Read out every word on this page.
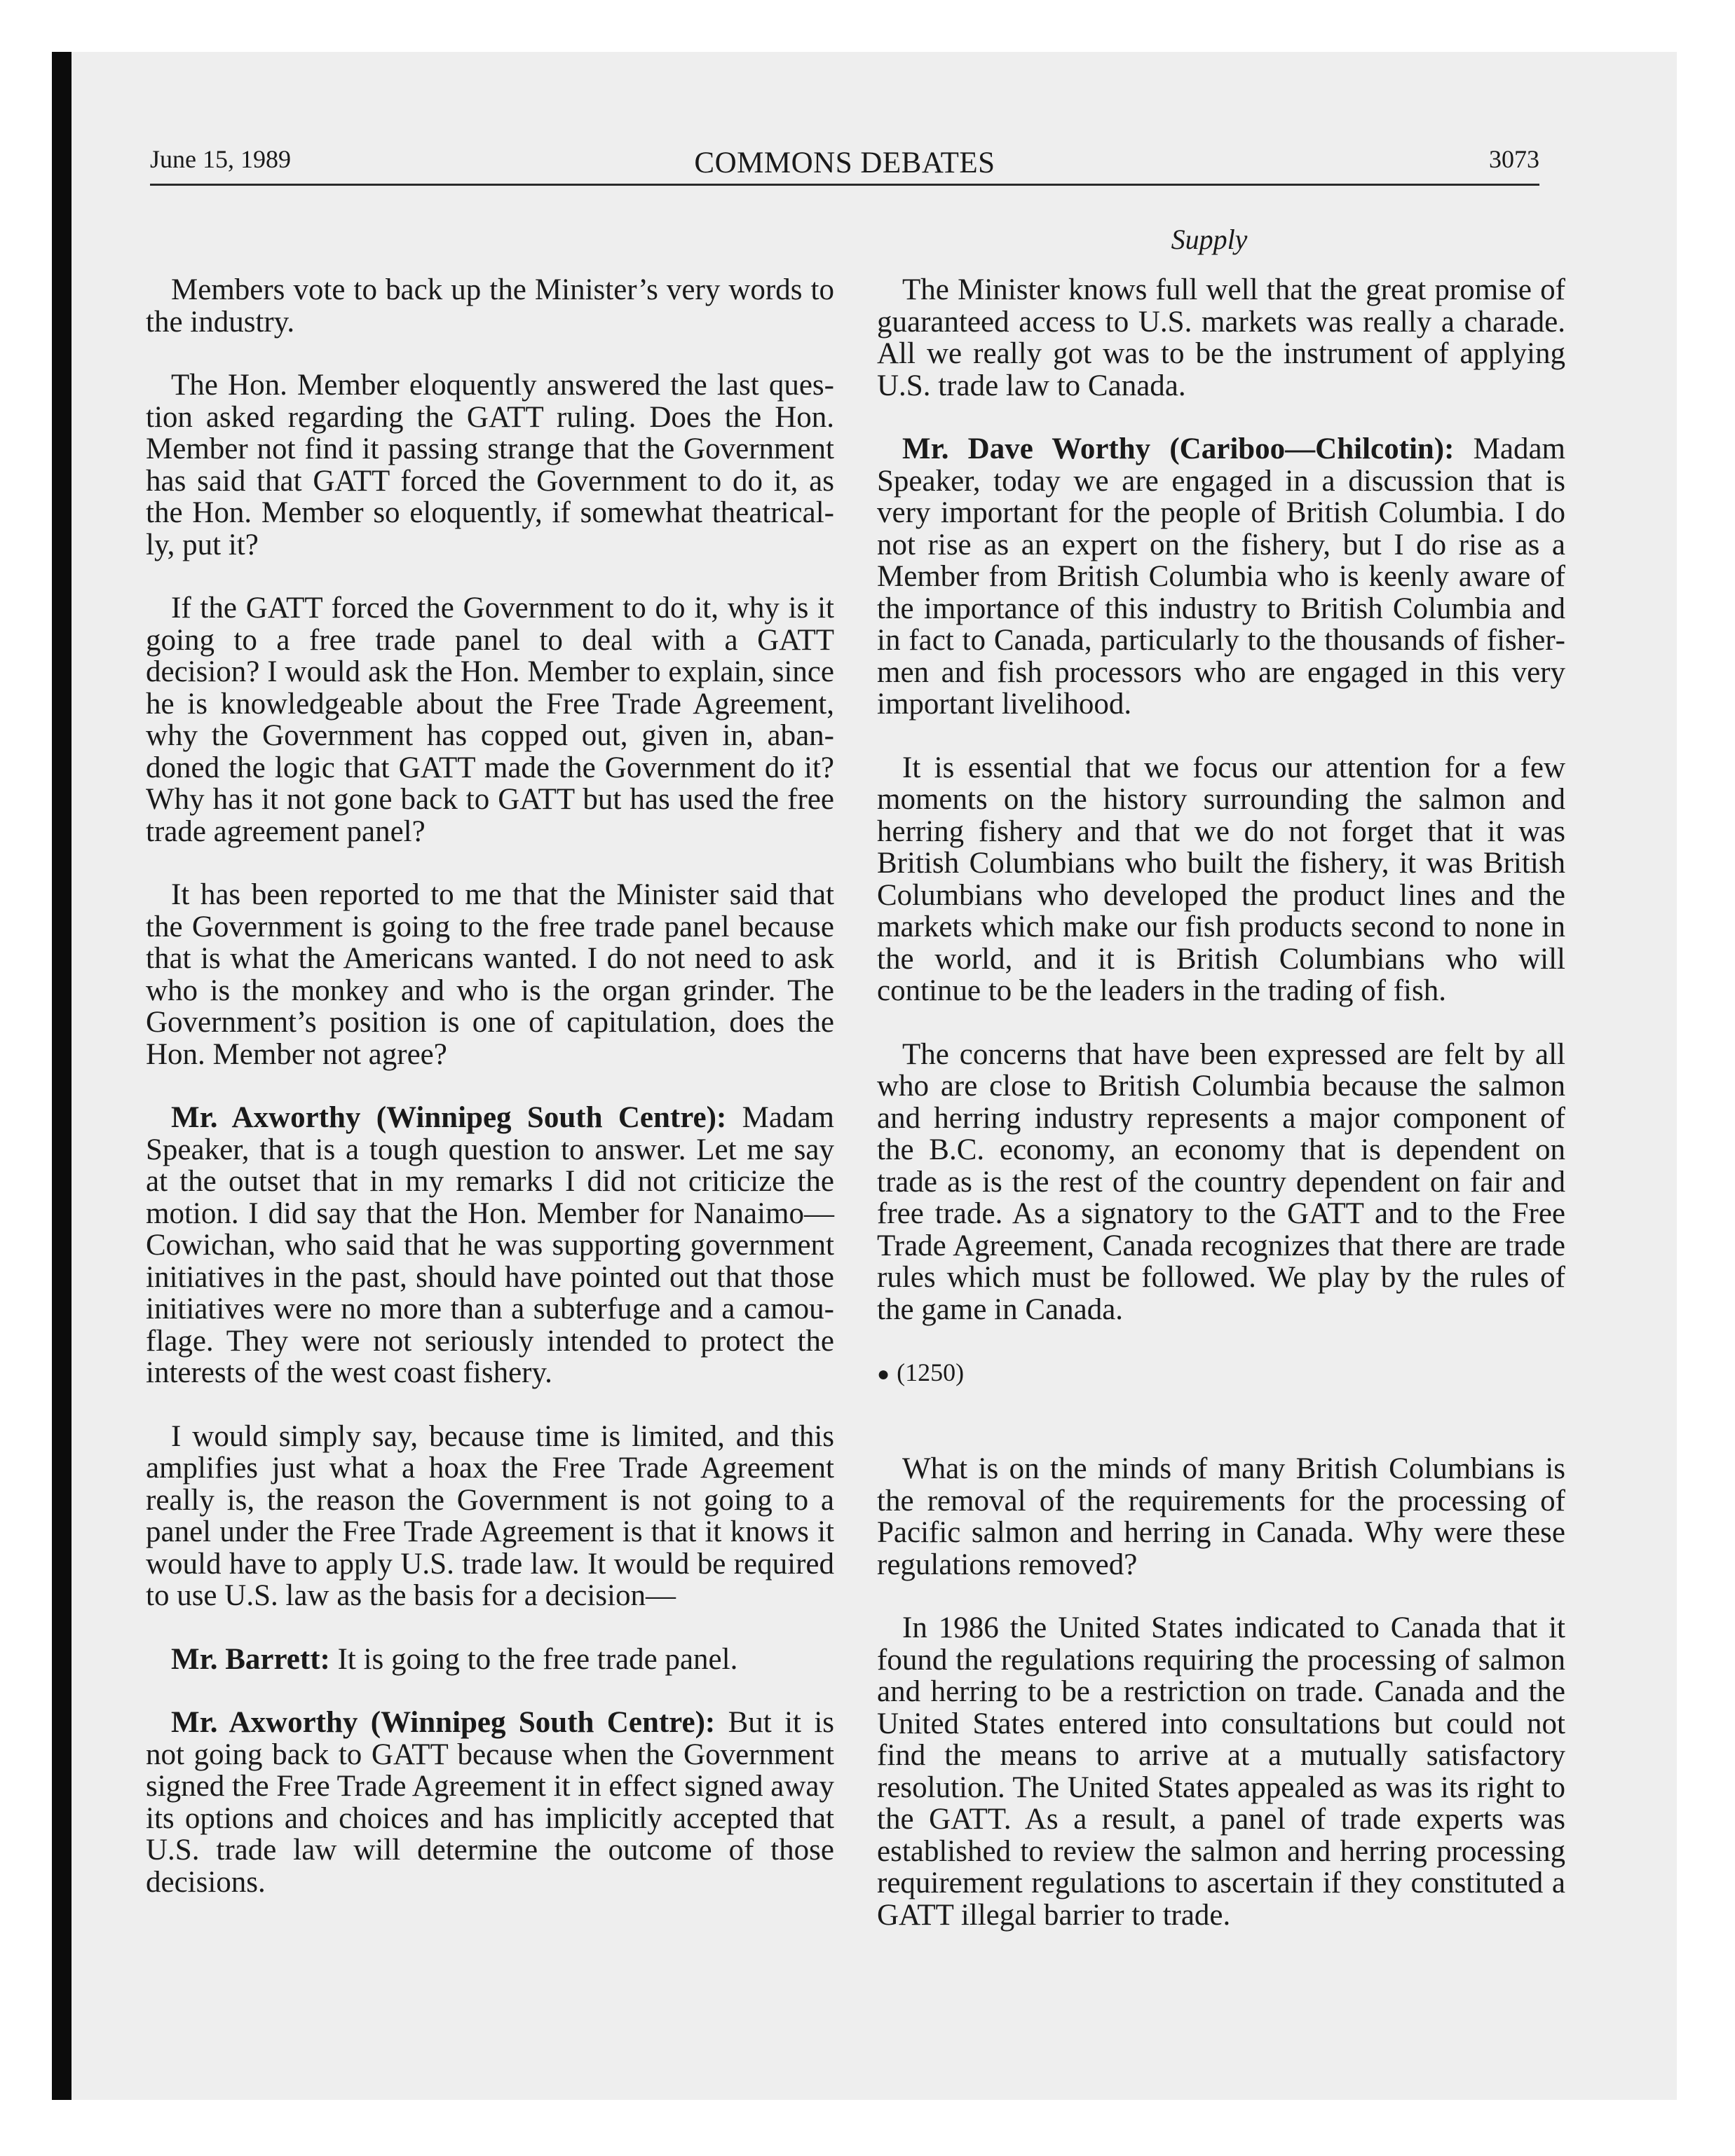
June 15, 1989	COMMONS DEBATES	3073
Supply

Members vote to back up the Minister’s very words to the industry.

The Hon. Member eloquently answered the last question asked regarding the GATT ruling. Does the Hon. Member not find it passing strange that the Government has said that GATT forced the Government to do it, as the Hon. Member so eloquently, if somewhat theatrically, put it?

If the GATT forced the Government to do it, why is it going to a free trade panel to deal with a GATT decision? I would ask the Hon. Member to explain, since he is knowledgeable about the Free Trade Agreement, why the Government has copped out, given in, abandoned the logic that GATT made the Government do it? Why has it not gone back to GATT but has used the free trade agreement panel?

It has been reported to me that the Minister said that the Government is going to the free trade panel because that is what the Americans wanted. I do not need to ask who is the monkey and who is the organ grinder. The Government’s position is one of capitulation, does the Hon. Member not agree?

Mr. Axworthy (Winnipeg South Centre): Madam Speaker, that is a tough question to answer. Let me say at the outset that in my remarks I did not criticize the motion. I did say that the Hon. Member for Nanaimo—Cowichan, who said that he was supporting government initiatives in the past, should have pointed out that those initiatives were no more than a subterfuge and a camouflage. They were not seriously intended to protect the interests of the west coast fishery.

I would simply say, because time is limited, and this amplifies just what a hoax the Free Trade Agreement really is, the reason the Government is not going to a panel under the Free Trade Agreement is that it knows it would have to apply U.S. trade law. It would be required to use U.S. law as the basis for a decision—

Mr. Barrett: It is going to the free trade panel.

Mr. Axworthy (Winnipeg South Centre): But it is not going back to GATT because when the Government signed the Free Trade Agreement it in effect signed away its options and choices and has implicitly accepted that U.S. trade law will determine the outcome of those decisions.

The Minister knows full well that the great promise of guaranteed access to U.S. markets was really a charade. All we really got was to be the instrument of applying U.S. trade law to Canada.

Mr. Dave Worthy (Cariboo—Chilcotin): Madam Speaker, today we are engaged in a discussion that is very important for the people of British Columbia. I do not rise as an expert on the fishery, but I do rise as a Member from British Columbia who is keenly aware of the importance of this industry to British Columbia and in fact to Canada, particularly to the thousands of fishermen and fish processors who are engaged in this very important livelihood.

It is essential that we focus our attention for a few moments on the history surrounding the salmon and herring fishery and that we do not forget that it was British Columbians who built the fishery, it was British Columbians who developed the product lines and the markets which make our fish products second to none in the world, and it is British Columbians who will continue to be the leaders in the trading of fish.

The concerns that have been expressed are felt by all who are close to British Columbia because the salmon and herring industry represents a major component of the B.C. economy, an economy that is dependent on trade as is the rest of the country dependent on fair and free trade. As a signatory to the GATT and to the Free Trade Agreement, Canada recognizes that there are trade rules which must be followed. We play by the rules of the game in Canada.

● (1250)

What is on the minds of many British Columbians is the removal of the requirements for the processing of Pacific salmon and herring in Canada. Why were these regulations removed?

In 1986 the United States indicated to Canada that it found the regulations requiring the processing of salmon and herring to be a restriction on trade. Canada and the United States entered into consultations but could not find the means to arrive at a mutually satisfactory resolution. The United States appealed as was its right to the GATT. As a result, a panel of trade experts was established to review the salmon and herring processing requirement regulations to ascertain if they constituted a GATT illegal barrier to trade.
